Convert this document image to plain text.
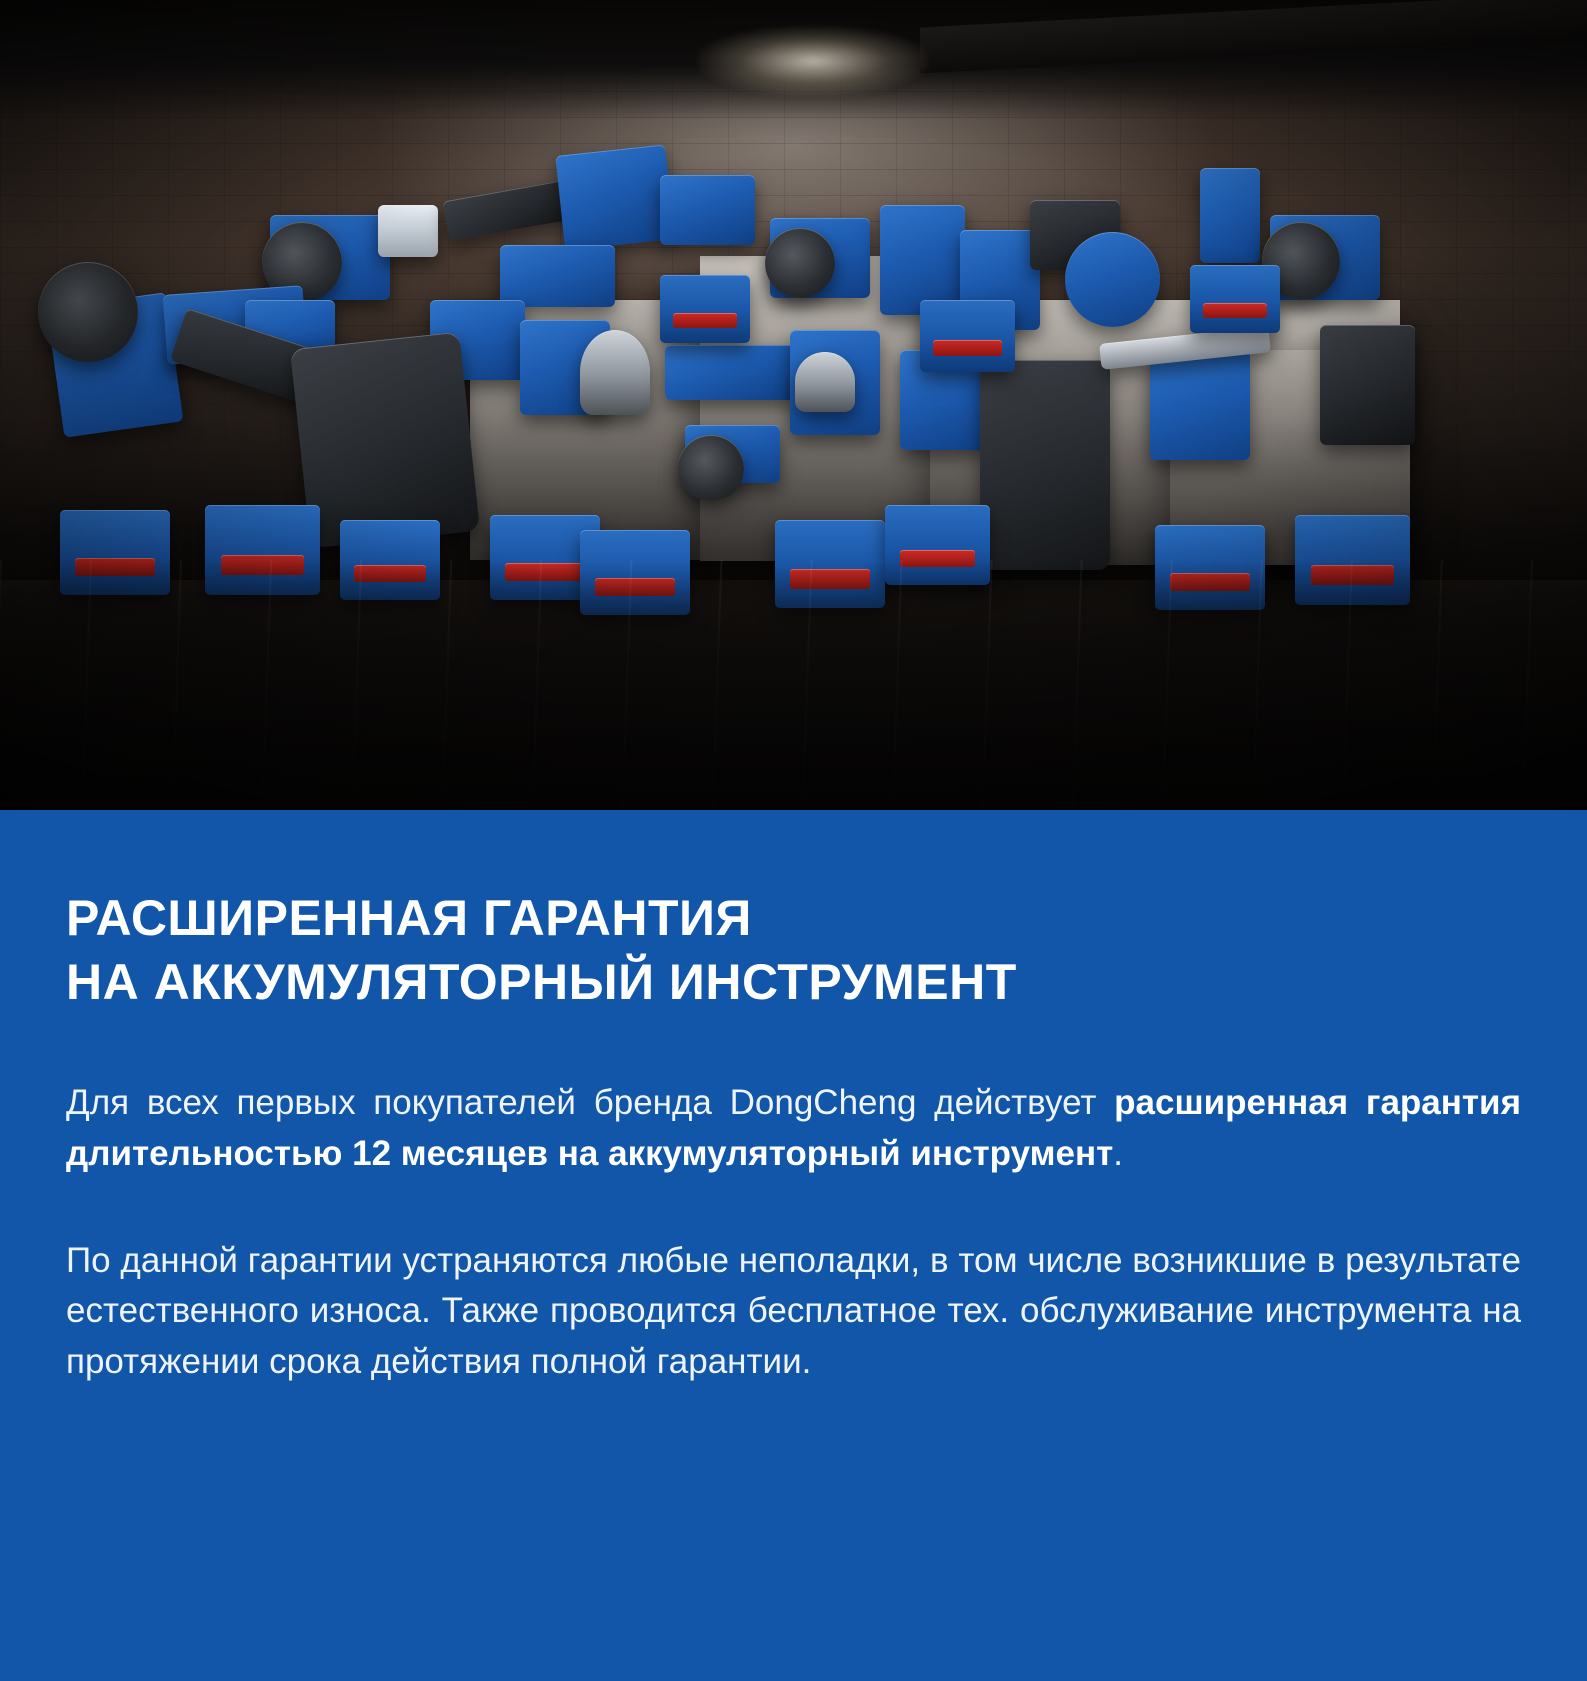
РАСШИРЕННАЯ ГАРАНТИЯ
НА АККУМУЛЯТОРНЫЙ ИНСТРУМЕНТ

Для всех первых покупателей бренда DongCheng действует расширенная гарантия длительностью 12 месяцев на аккумуляторный инструмент.

По данной гарантии устраняются любые неполадки, в том числе возникшие в результате естественного износа. Также проводится бесплатное тех. обслуживание инструмента на протяжении срока действия полной гарантии.
